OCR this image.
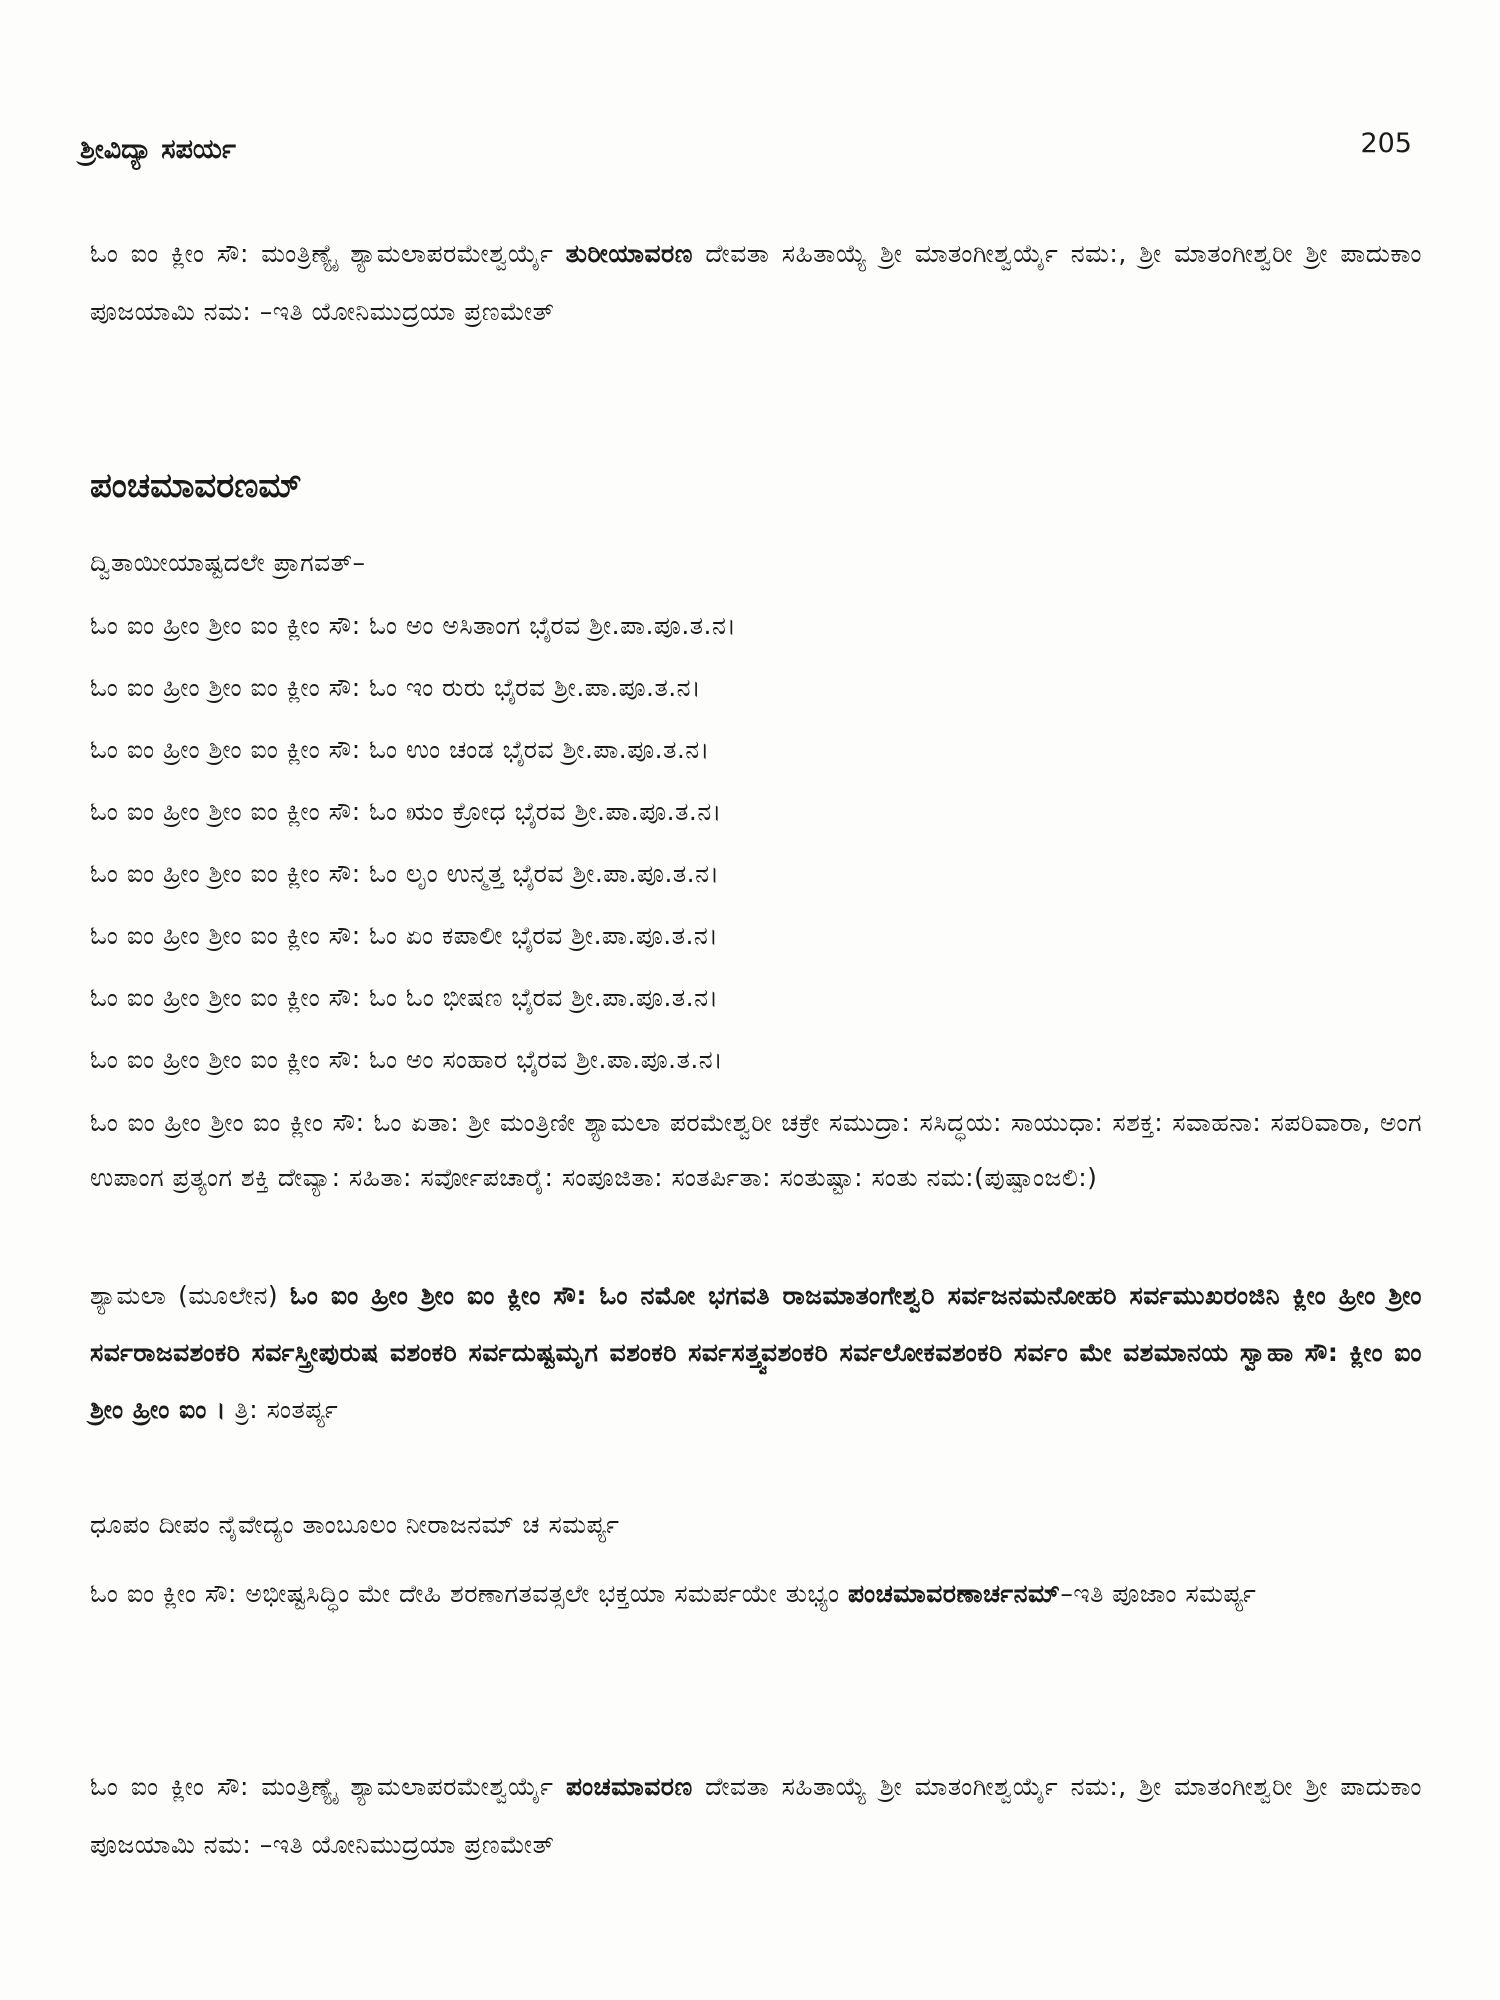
ಶ್ರೀವಿದ್ಯಾ ಸಪರ್ಯ	205
ಓಂ ಐಂ ಕ್ಲೀಂ ಸೌ: ಮಂತ್ರಿಣ್ಯೈ ಶ್ಯಾಮಲಾಪರಮೇಶ್ವರ್ಯೈ ತುರೀಯಾವರಣ ದೇವತಾ ಸಹಿತಾಯ್ಯೆ ಶ್ರೀ ಮಾತಂಗೀಶ್ವರ್ಯೈ ನಮ:, ಶ್ರೀ ಮಾತಂಗೀಶ್ವರೀ ಶ್ರೀ ಪಾದುಕಾಂ ಪೂಜಯಾಮಿ ನಮ: –ಇತಿ ಯೋನಿಮುದ್ರಯಾ ಪ್ರಣಮೇತ್
ಪಂಚಮಾವರಣಮ್
ದ್ವಿತಾಯೀಯಾಷ್ಟದಲೇ ಪ್ರಾಗವತ್–
ಓಂ ಐಂ ಹ್ರೀಂ ಶ್ರೀಂ ಐಂ ಕ್ಲೀಂ ಸೌ: ಓಂ ಅಂ ಅಸಿತಾಂಗ ಭೈರವ ಶ್ರೀ.ಪಾ.ಪೂ.ತ.ನ।
ಓಂ ಐಂ ಹ್ರೀಂ ಶ್ರೀಂ ಐಂ ಕ್ಲೀಂ ಸೌ: ಓಂ ಇಂ ರುರು ಭೈರವ ಶ್ರೀ.ಪಾ.ಪೂ.ತ.ನ।
ಓಂ ಐಂ ಹ್ರೀಂ ಶ್ರೀಂ ಐಂ ಕ್ಲೀಂ ಸೌ: ಓಂ ಉಂ ಚಂಡ ಭೈರವ ಶ್ರೀ.ಪಾ.ಪೂ.ತ.ನ।
ಓಂ ಐಂ ಹ್ರೀಂ ಶ್ರೀಂ ಐಂ ಕ್ಲೀಂ ಸೌ: ಓಂ ಋಂ ಕ್ರೋಧ ಭೈರವ ಶ್ರೀ.ಪಾ.ಪೂ.ತ.ನ।
ಓಂ ಐಂ ಹ್ರೀಂ ಶ್ರೀಂ ಐಂ ಕ್ಲೀಂ ಸೌ: ಓಂ ಲೃಂ ಉನ್ಮತ್ತ ಭೈರವ ಶ್ರೀ.ಪಾ.ಪೂ.ತ.ನ।
ಓಂ ಐಂ ಹ್ರೀಂ ಶ್ರೀಂ ಐಂ ಕ್ಲೀಂ ಸೌ: ಓಂ ಏಂ ಕಪಾಲೀ ಭೈರವ ಶ್ರೀ.ಪಾ.ಪೂ.ತ.ನ।
ಓಂ ಐಂ ಹ್ರೀಂ ಶ್ರೀಂ ಐಂ ಕ್ಲೀಂ ಸೌ: ಓಂ ಓಂ ಭೀಷಣ ಭೈರವ ಶ್ರೀ.ಪಾ.ಪೂ.ತ.ನ।
ಓಂ ಐಂ ಹ್ರೀಂ ಶ್ರೀಂ ಐಂ ಕ್ಲೀಂ ಸೌ: ಓಂ ಅಂ ಸಂಹಾರ ಭೈರವ ಶ್ರೀ.ಪಾ.ಪೂ.ತ.ನ।
ಓಂ ಐಂ ಹ್ರೀಂ ಶ್ರೀಂ ಐಂ ಕ್ಲೀಂ ಸೌ: ಓಂ ಏತಾ: ಶ್ರೀ ಮಂತ್ರಿಣೀ ಶ್ಯಾಮಲಾ ಪರಮೇಶ್ವರೀ ಚಕ್ರೇ ಸಮುದ್ರಾ: ಸಸಿದ್ಧಯ: ಸಾಯುಧಾ: ಸಶಕ್ತ: ಸವಾಹನಾ: ಸಪರಿವಾರಾ, ಅಂಗ ಉಪಾಂಗ ಪ್ರತ್ಯಂಗ ಶಕ್ತಿ ದೇವ್ಯಾ: ಸಹಿತಾ: ಸರ್ವೋಪಚಾರೈ: ಸಂಪೂಜಿತಾ: ಸಂತರ್ಪಿತಾ: ಸಂತುಷ್ಟಾ: ಸಂತು ನಮ:(ಪುಷ್ಪಾಂಜಲಿ:)
ಶ್ಯಾಮಲಾ (ಮೂಲೇನ) ಓಂ ಐಂ ಹ್ರೀಂ ಶ್ರೀಂ ಐಂ ಕ್ಲೀಂ ಸೌ: ಓಂ ನಮೋ ಭಗವತಿ ರಾಜಮಾತಂಗೇಶ್ವರಿ ಸರ್ವಜನಮನೋಹರಿ ಸರ್ವಮುಖರಂಜಿನಿ ಕ್ಲೀಂ ಹ್ರೀಂ ಶ್ರೀಂ ಸರ್ವರಾಜವಶಂಕರಿ ಸರ್ವಸ್ತ್ರೀಪುರುಷ ವಶಂಕರಿ ಸರ್ವದುಷ್ಟಮೃಗ ವಶಂಕರಿ ಸರ್ವಸತ್ತ್ವವಶಂಕರಿ ಸರ್ವಲೋಕವಶಂಕರಿ ಸರ್ವಂ ಮೇ ವಶಮಾನಯ ಸ್ವಾಹಾ ಸೌ: ಕ್ಲೀಂ ಐಂ ಶ್ರೀಂ ಹ್ರೀಂ ಐಂ । ತ್ರಿ: ಸಂತರ್ಪ್ಯ
ಧೂಪಂ ದೀಪಂ ನೈವೇದ್ಯಂ ತಾಂಬೂಲಂ ನೀರಾಜನಮ್ ಚ ಸಮರ್ಪ್ಯ
ಓಂ ಐಂ ಕ್ಲೀಂ ಸೌ: ಅಭೀಷ್ಟಸಿದ್ಧಿಂ ಮೇ ದೇಹಿ ಶರಣಾಗತವತ್ಸಲೇ ಭಕ್ತಯಾ ಸಮರ್ಪಯೇ ತುಭ್ಯಂ ಪಂಚಮಾವರಣಾರ್ಚನಮ್–ಇತಿ ಪೂಜಾಂ ಸಮರ್ಪ್ಯ
ಓಂ ಐಂ ಕ್ಲೀಂ ಸೌ: ಮಂತ್ರಿಣ್ಯೈ ಶ್ಯಾಮಲಾಪರಮೇಶ್ವರ್ಯೈ ಪಂಚಮಾವರಣ ದೇವತಾ ಸಹಿತಾಯ್ಯೆ ಶ್ರೀ ಮಾತಂಗೀಶ್ವರ್ಯೈ ನಮ:, ಶ್ರೀ ಮಾತಂಗೀಶ್ವರೀ ಶ್ರೀ ಪಾದುಕಾಂ ಪೂಜಯಾಮಿ ನಮ: –ಇತಿ ಯೋನಿಮುದ್ರಯಾ ಪ್ರಣಮೇತ್
